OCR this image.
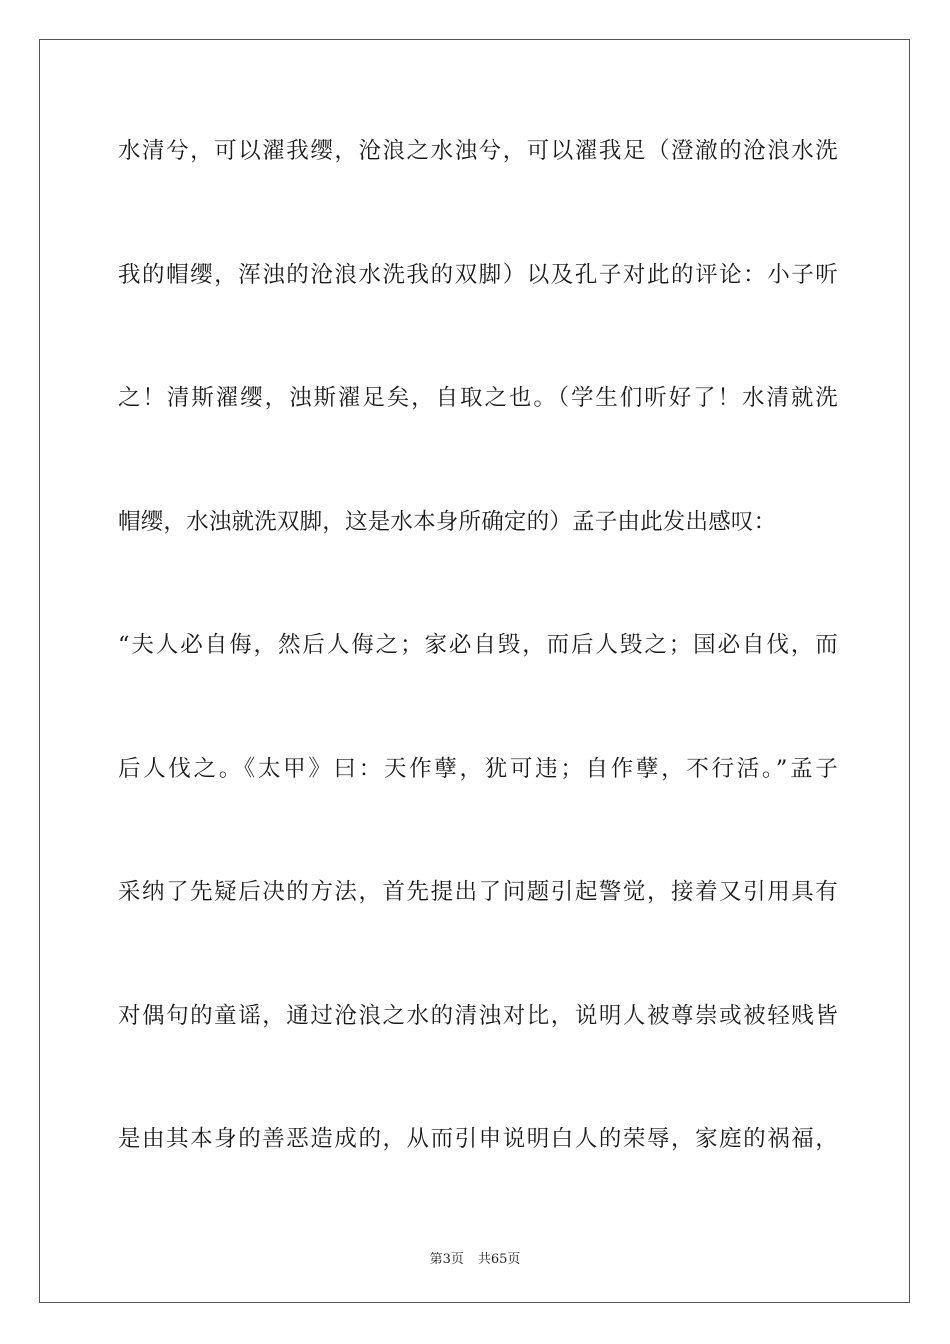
水清兮，可以濯我缨，沧浪之水浊兮，可以濯我足（澄澈的沧浪水洗
我的帽缨，浑浊的沧浪水洗我的双脚）以及孔子对此的评论：小子听
之！清斯濯缨，浊斯濯足矣，自取之也。（学生们听好了！水清就洗
帽缨，水浊就洗双脚，这是水本身所确定的）孟子由此发出感叹：
“夫人必自侮，然后人侮之；家必自毁，而后人毁之；国必自伐，而
后人伐之。《太甲》曰：天作孽，犹可违；自作孽，不行活。”孟子
采纳了先疑后决的方法，首先提出了问题引起警觉，接着又引用具有
对偶句的童谣，通过沧浪之水的清浊对比，说明人被尊崇或被轻贱皆
是由其本身的善恶造成的，从而引申说明白人的荣辱，家庭的祸福，
第3页 共65页
